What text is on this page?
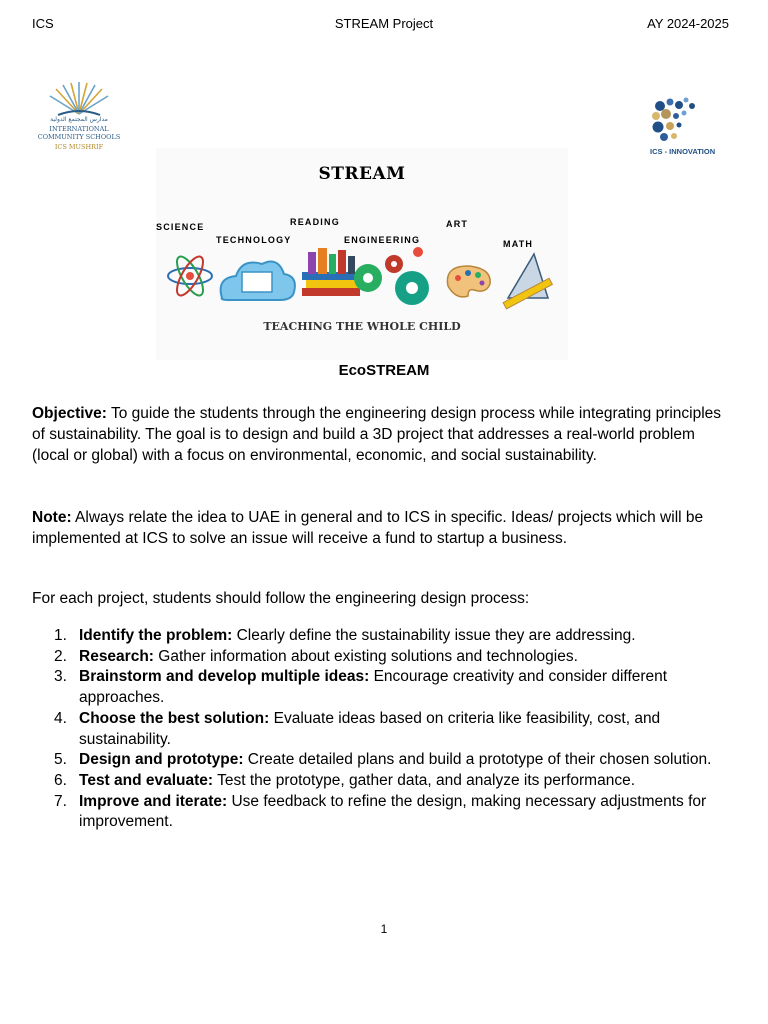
ICS	STREAM Project	AY 2024-2025
مدارس المجتمع الدولية
INTERNATIONAL
COMMUNITY SCHOOLS
ICS MUSHRIF	ICS - INNOVATION
STREAM
SCIENCE
TECHNOLOGY
READING
ENGINEERING
ART
MATH
TEACHING THE WHOLE CHILD
EcoSTREAM
Objective: To guide the students through the engineering design process while integrating principles of sustainability. The goal is to design and build a 3D project that addresses a real-world problem (local or global) with a focus on environmental, economic, and social sustainability.
Note: Always relate the idea to UAE in general and to ICS in specific. Ideas/ projects which will be implemented at ICS to solve an issue will receive a fund to startup a business.
For each project, students should follow the engineering design process:
1. Identify the problem: Clearly define the sustainability issue they are addressing.
2. Research: Gather information about existing solutions and technologies.
3. Brainstorm and develop multiple ideas: Encourage creativity and consider different approaches.
4. Choose the best solution: Evaluate ideas based on criteria like feasibility, cost, and sustainability.
5. Design and prototype: Create detailed plans and build a prototype of their chosen solution.
6. Test and evaluate: Test the prototype, gather data, and analyze its performance.
7. Improve and iterate: Use feedback to refine the design, making necessary adjustments for improvement.
1
